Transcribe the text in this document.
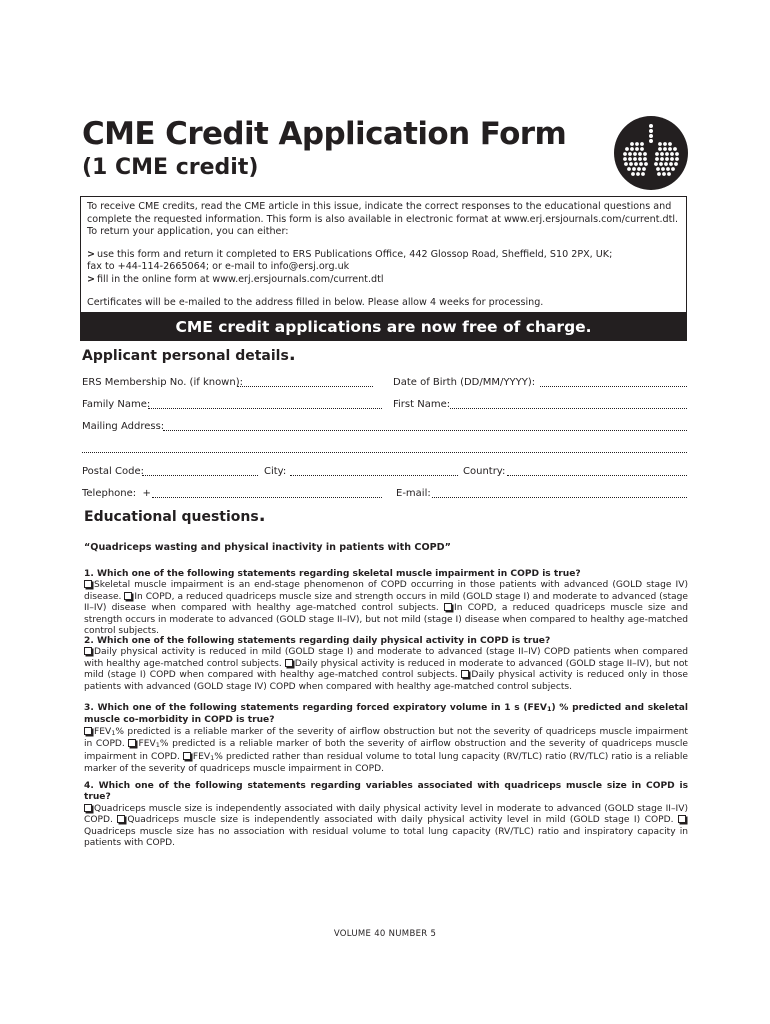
CME Credit Application Form
(1 CME credit)

To receive CME credits, read the CME article in this issue, indicate the correct responses to the educational questions and complete the requested information. This form is also available in electronic format at www.erj.ersjournals.com/current.dtl. To return your application, you can either:

> use this form and return it completed to ERS Publications Office, 442 Glossop Road, Sheffield, S10 2PX, UK;

fax to +44-114-2665064; or e-mail to info@ersj.org.uk

> fill in the online form at www.erj.ersjournals.com/current.dtl

Certificates will be e-mailed to the address filled in below. Please allow 4 weeks for processing.

CME credit applications are now free of charge.
Applicant personal details.
ERS Membership No. (if known):	Date of Birth (DD/MM/YYYY):
Family Name:	First Name:
Mailing Address:
Postal Code:	City:	Country:
Telephone: +	E-mail:
Educational questions.
“Quadriceps wasting and physical inactivity in patients with COPD”
1. Which one of the following statements regarding skeletal muscle impairment in COPD is true?
Skeletal muscle impairment is an end-stage phenomenon of COPD occurring in those patients with advanced (GOLD stage IV) disease. In COPD, a reduced quadriceps muscle size and strength occurs in mild (GOLD stage I) and moderate to advanced (stage II–IV) disease when compared with healthy age-matched control subjects. In COPD, a reduced quadriceps muscle size and strength occurs in moderate to advanced (GOLD stage II–IV), but not mild (stage I) disease when compared to healthy age-matched control subjects.
2. Which one of the following statements regarding daily physical activity in COPD is true?
Daily physical activity is reduced in mild (GOLD stage I) and moderate to advanced (stage II–IV) COPD patients when compared with healthy age-matched control subjects. Daily physical activity is reduced in moderate to advanced (GOLD stage II–IV), but not mild (stage I) COPD when compared with healthy age-matched control subjects. Daily physical activity is reduced only in those patients with advanced (GOLD stage IV) COPD when compared with healthy age-matched control subjects.
3. Which one of the following statements regarding forced expiratory volume in 1 s (FEV1) % predicted and skeletal muscle co-morbidity in COPD is true?
FEV1% predicted is a reliable marker of the severity of airflow obstruction but not the severity of quadriceps muscle impairment in COPD. FEV1% predicted is a reliable marker of both the severity of airflow obstruction and the severity of quadriceps muscle impairment in COPD. FEV1% predicted rather than residual volume to total lung capacity (RV/TLC) ratio (RV/TLC) ratio is a reliable marker of the severity of quadriceps muscle impairment in COPD.
4. Which one of the following statements regarding variables associated with quadriceps muscle size in COPD is true?
Quadriceps muscle size is independently associated with daily physical activity level in moderate to advanced (GOLD stage II–IV) COPD. Quadriceps muscle size is independently associated with daily physical activity level in mild (GOLD stage I) COPD. Quadriceps muscle size has no association with residual volume to total lung capacity (RV/TLC) ratio and inspiratory capacity in patients with COPD.
VOLUME 40 NUMBER 5
